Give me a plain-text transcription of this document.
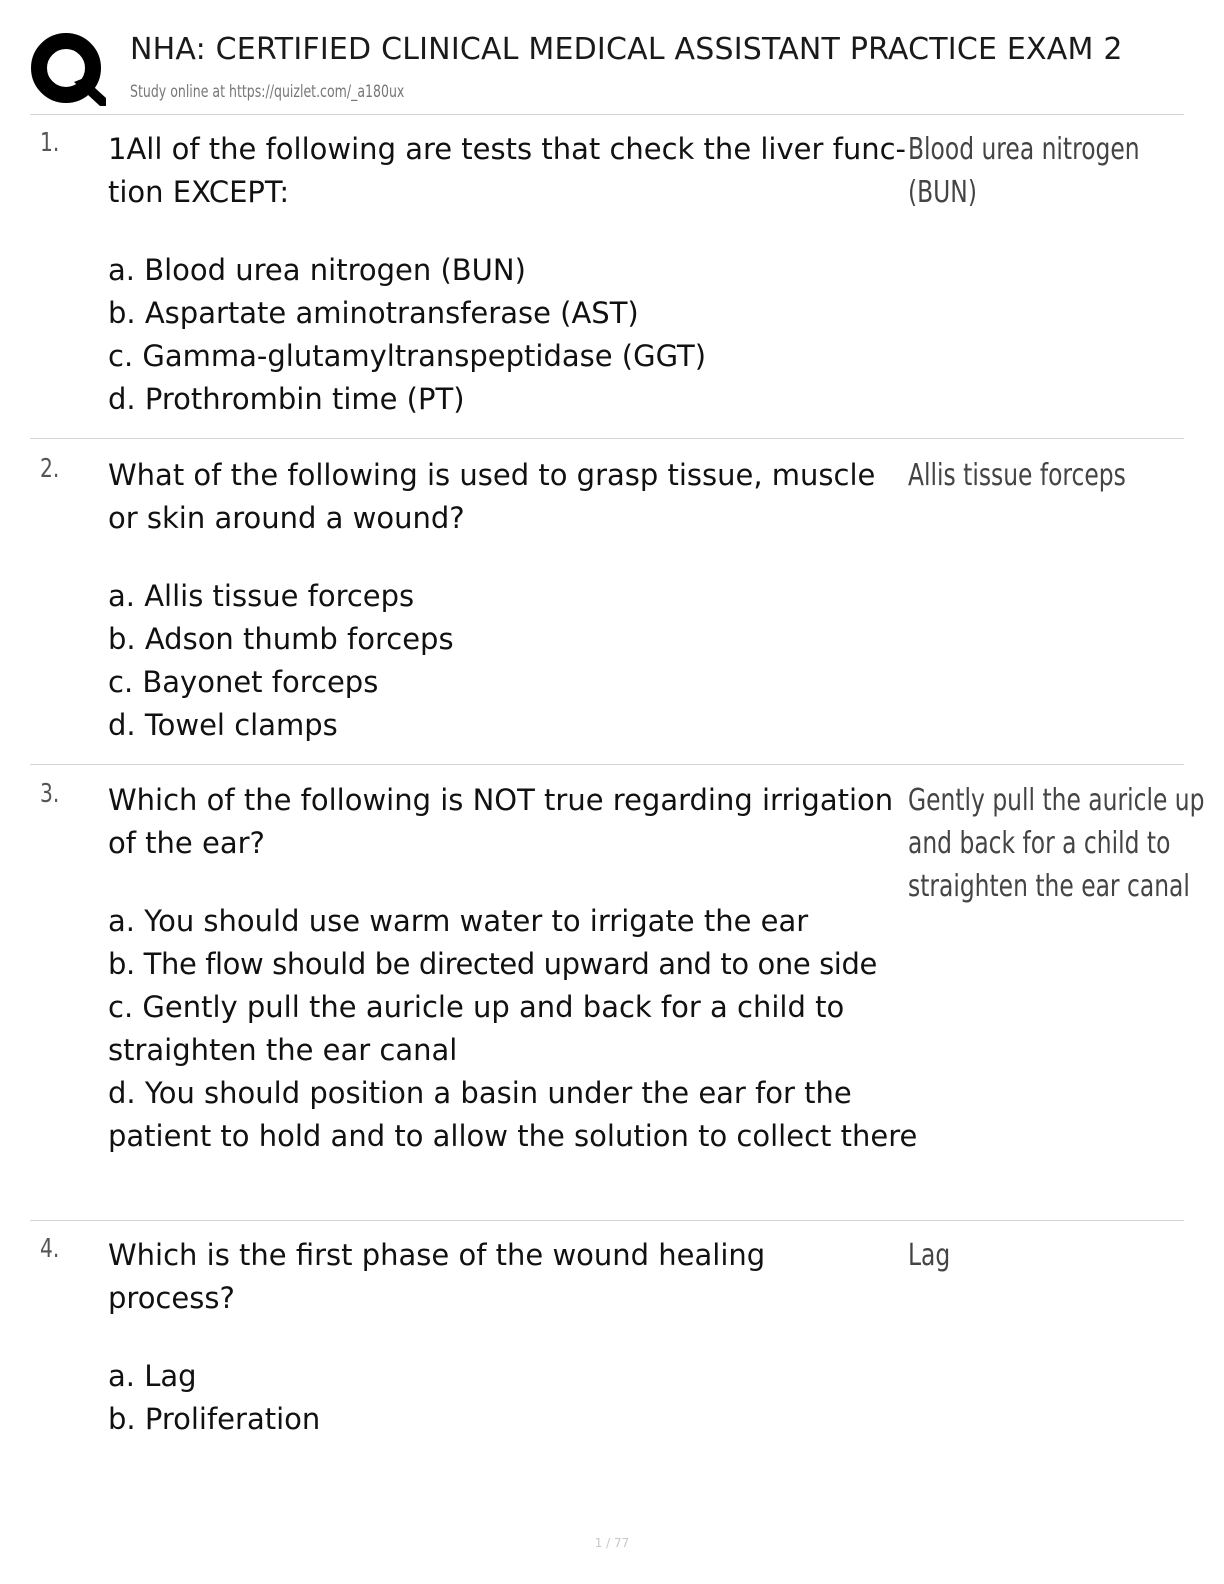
NHA: CERTIFIED CLINICAL MEDICAL ASSISTANT PRACTICE EXAM 2
Study online at https://quizlet.com/_a180ux
1. 1All of the following are tests that check the liver func-tion EXCEPT:
a. Blood urea nitrogen (BUN)
b. Aspartate aminotransferase (AST)
c. Gamma-glutamyltranspeptidase (GGT)
d. Prothrombin time (PT)
Blood urea nitrogen
(BUN)
2. What of the following is used to grasp tissue, muscle or skin around a wound?
a. Allis tissue forceps
b. Adson thumb forceps
c. Bayonet forceps
d. Towel clamps
Allis tissue forceps
3. Which of the following is NOT true regarding irrigation of the ear?
a. You should use warm water to irrigate the ear
b. The flow should be directed upward and to one side
c. Gently pull the auricle up and back for a child to straighten the ear canal
d. You should position a basin under the ear for the patient to hold and to allow the solution to collect there
Gently pull the auricle up
and back for a child to
straighten the ear canal
4. Which is the first phase of the wound healing process?
a. Lag
b. Proliferation
Lag
1 / 77
